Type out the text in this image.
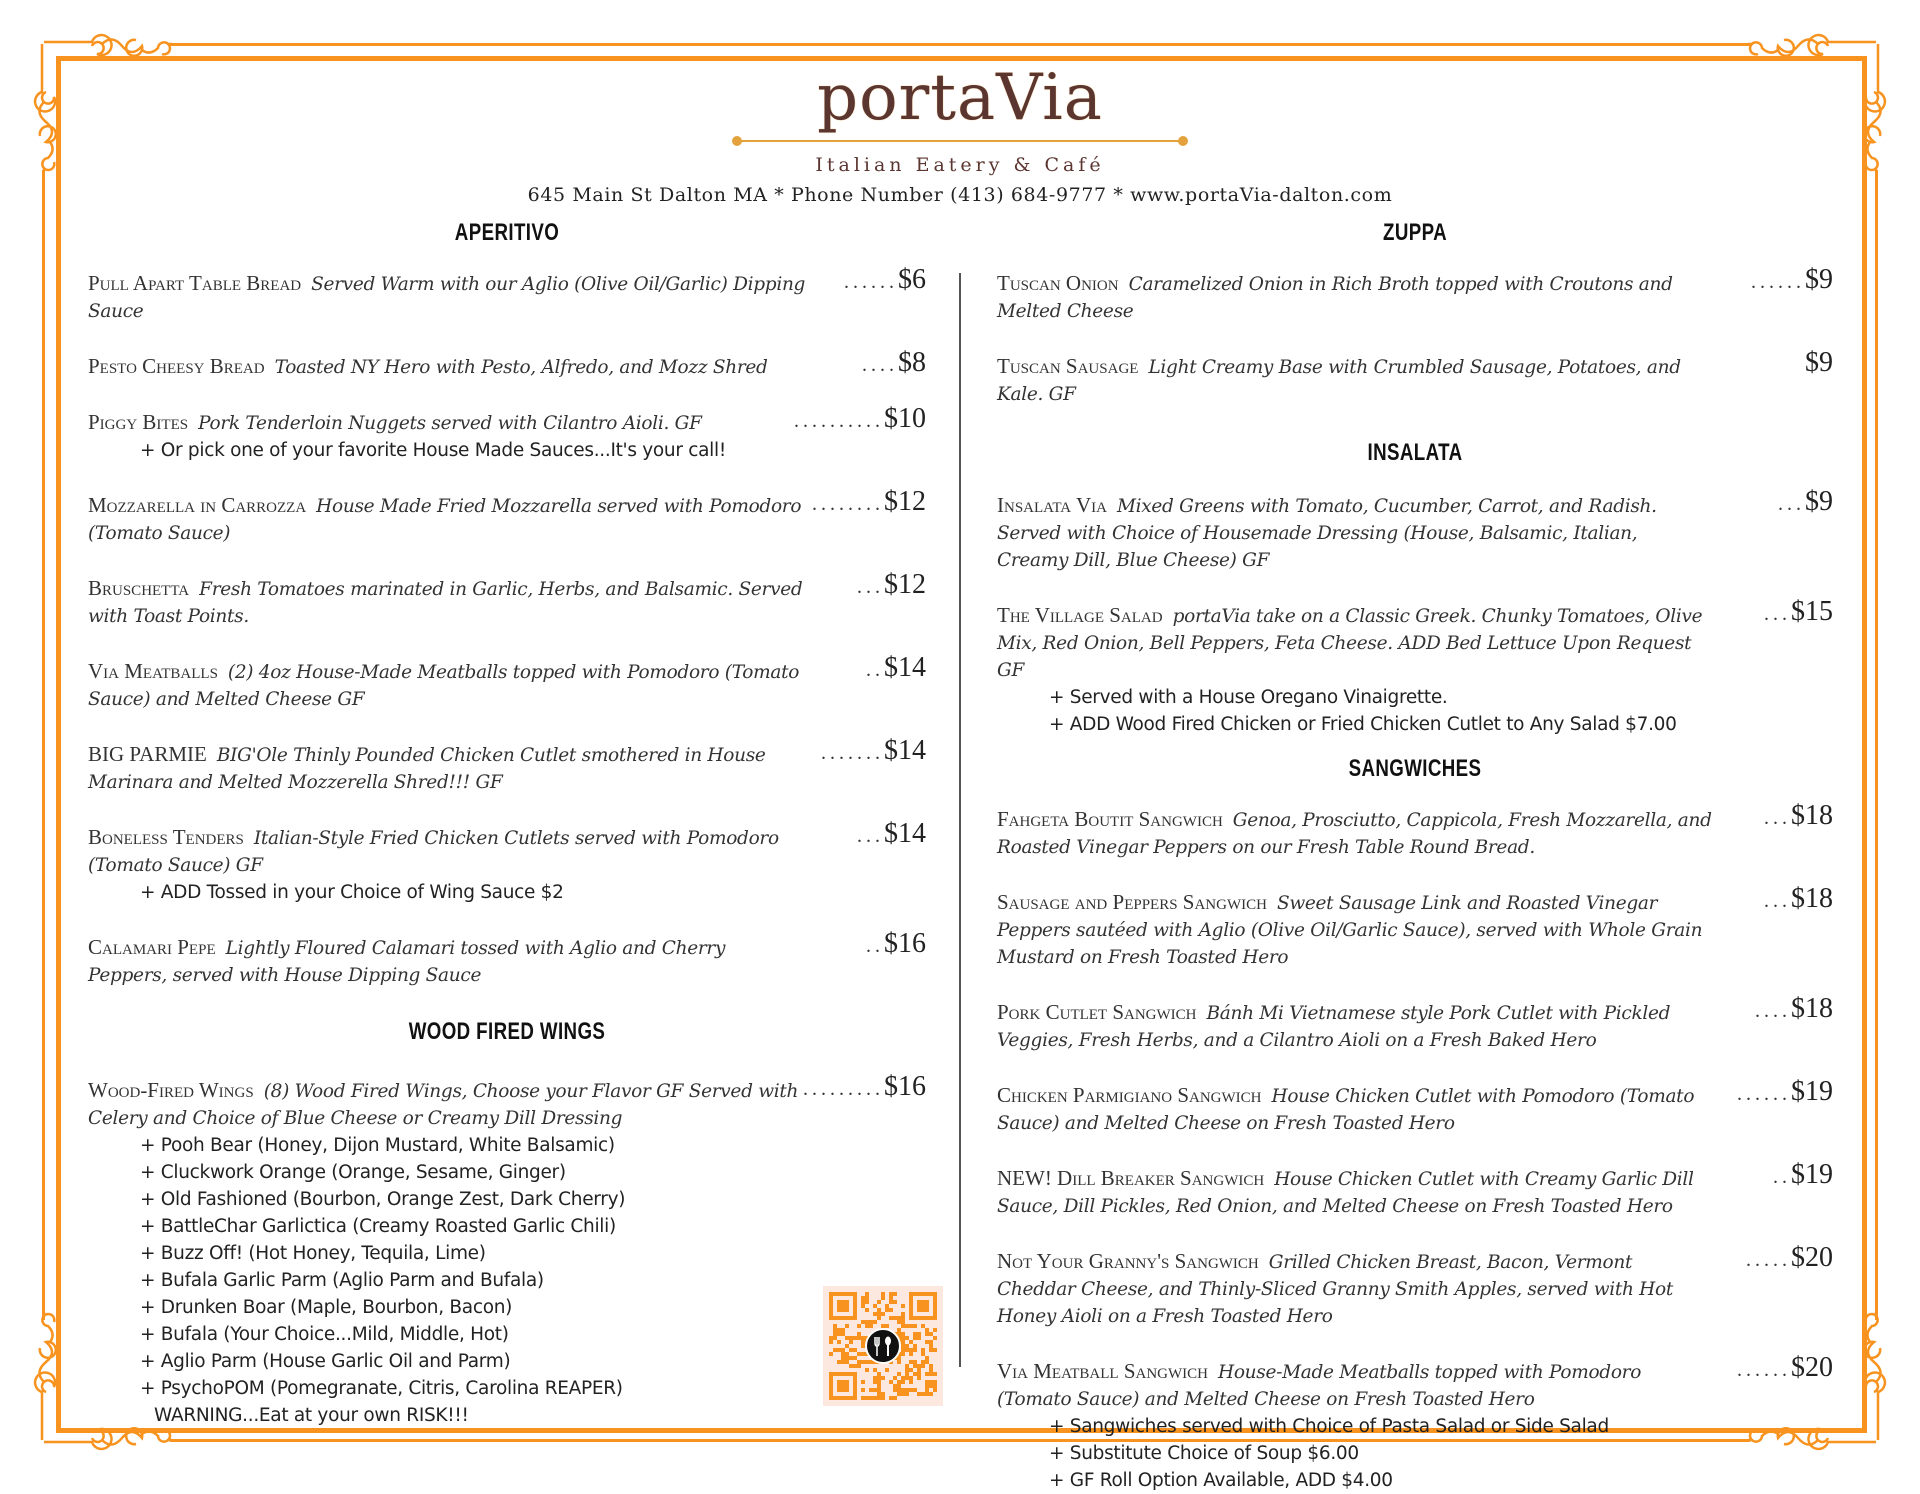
portaVia
Italian Eatery & Café
645 Main St Dalton MA * Phone Number (413) 684-9777 * www.portaVia-dalton.com
APERITIVO
Pull Apart Table Bread Served Warm with our Aglio (Olive Oil/Garlic) Dipping Sauce
......$6
Pesto Cheesy Bread Toasted NY Hero with Pesto, Alfredo, and Mozz Shred	....$8
Piggy Bites Pork Tenderloin Nuggets served with Cilantro Aioli. GF	..........$10
+ Or pick one of your favorite House Made Sauces...It's your call!
Mozzarella in Carrozza House Made Fried Mozzarella served with Pomodoro (Tomato Sauce)
........$12
Bruschetta Fresh Tomatoes marinated in Garlic, Herbs, and Balsamic. Served with Toast Points.
...$12
Via Meatballs (2) 4oz House-Made Meatballs topped with Pomodoro (Tomato Sauce) and Melted Cheese GF
..$14
BIG PARMIE BIG'Ole Thinly Pounded Chicken Cutlet smothered in House Marinara and Melted Mozzerella Shred!!! GF
.......$14
Boneless Tenders Italian-Style Fried Chicken Cutlets served with Pomodoro (Tomato Sauce) GF
...$14
+ ADD Tossed in your Choice of Wing Sauce $2
Calamari Pepe Lightly Floured Calamari tossed with Aglio and Cherry Peppers, served with House Dipping Sauce
..$16
WOOD FIRED WINGS
Wood-Fired Wings (8) Wood Fired Wings, Choose your Flavor GF Served with Celery and Choice of Blue Cheese or Creamy Dill Dressing
.........$16
+ Pooh Bear (Honey, Dijon Mustard, White Balsamic)
+ Cluckwork Orange (Orange, Sesame, Ginger)
+ Old Fashioned (Bourbon, Orange Zest, Dark Cherry)
+ BattleChar Garlictica (Creamy Roasted Garlic Chili)
+ Buzz Off! (Hot Honey, Tequila, Lime)
+ Bufala Garlic Parm (Aglio Parm and Bufala)
+ Drunken Boar (Maple, Bourbon, Bacon)
+ Bufala (Your Choice...Mild, Middle, Hot)
+ Aglio Parm (House Garlic Oil and Parm)
+ PsychoPOM (Pomegranate, Citris, Carolina REAPER)
WARNING...Eat at your own RISK!!!
ZUPPA
Tuscan Onion Caramelized Onion in Rich Broth topped with Croutons and Melted Cheese
......$9
Tuscan Sausage Light Creamy Base with Crumbled Sausage, Potatoes, and Kale. GF
$9
INSALATA
Insalata Via Mixed Greens with Tomato, Cucumber, Carrot, and Radish. Served with Choice of Housemade Dressing (House, Balsamic, Italian, Creamy Dill, Blue Cheese) GF
...$9
The Village Salad portaVia take on a Classic Greek. Chunky Tomatoes, Olive Mix, Red Onion, Bell Peppers, Feta Cheese. ADD Bed Lettuce Upon Request GF
...$15
+ Served with a House Oregano Vinaigrette.
+ ADD Wood Fired Chicken or Fried Chicken Cutlet to Any Salad $7.00
SANGWICHES
Fahgeta Boutit Sangwich Genoa, Prosciutto, Cappicola, Fresh Mozzarella, and Roasted Vinegar Peppers on our Fresh Table Round Bread.
...$18
Sausage and Peppers Sangwich Sweet Sausage Link and Roasted Vinegar Peppers sautéed with Aglio (Olive Oil/Garlic Sauce), served with Whole Grain Mustard on Fresh Toasted Hero
...$18
Pork Cutlet Sangwich Bánh Mi Vietnamese style Pork Cutlet with Pickled Veggies, Fresh Herbs, and a Cilantro Aioli on a Fresh Baked Hero
....$18
Chicken Parmigiano Sangwich House Chicken Cutlet with Pomodoro (Tomato Sauce) and Melted Cheese on Fresh Toasted Hero
......$19
NEW! Dill Breaker Sangwich House Chicken Cutlet with Creamy Garlic Dill Sauce, Dill Pickles, Red Onion, and Melted Cheese on Fresh Toasted Hero
..$19
Not Your Granny's Sangwich Grilled Chicken Breast, Bacon, Vermont Cheddar Cheese, and Thinly-Sliced Granny Smith Apples, served with Hot Honey Aioli on a Fresh Toasted Hero
.....$20
Via Meatball Sangwich House-Made Meatballs topped with Pomodoro (Tomato Sauce) and Melted Cheese on Fresh Toasted Hero
......$20
+ Sangwiches served with Choice of Pasta Salad or Side Salad
+ Substitute Choice of Soup $6.00
+ GF Roll Option Available, ADD $4.00
